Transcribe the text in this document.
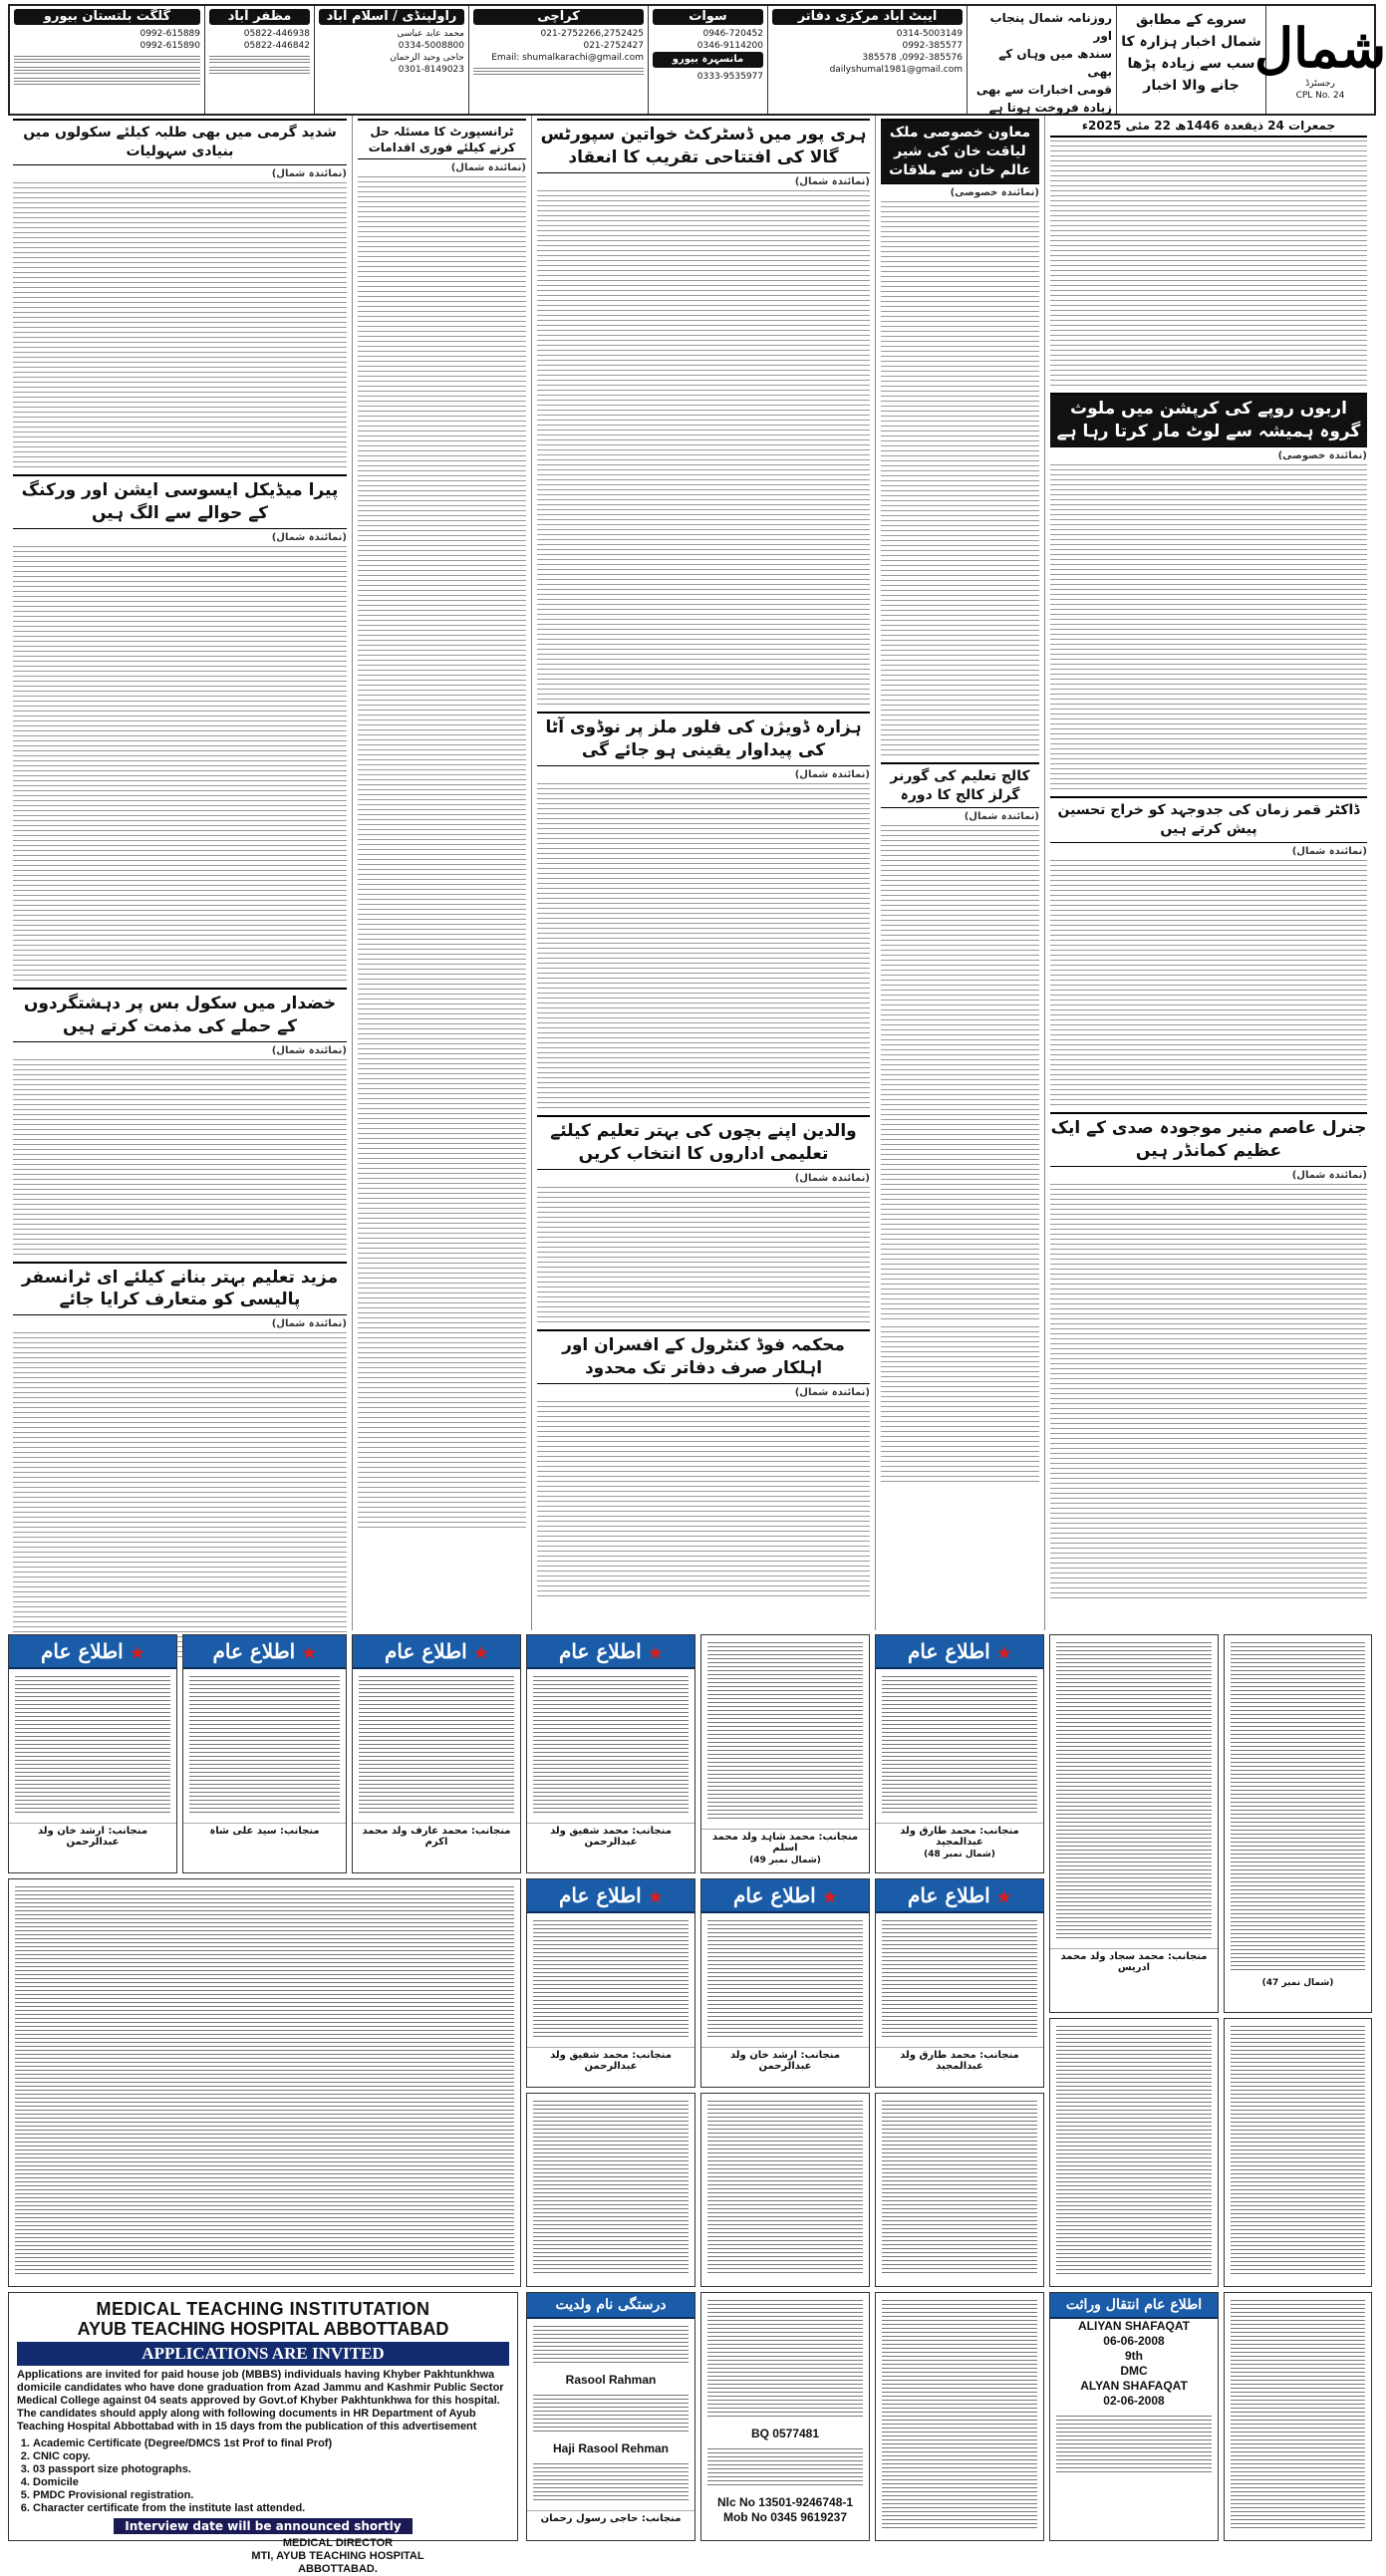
گلگت بلتستان بیورو
0992-615889
0992-615890
مظفر آباد
05822-446938
05822-446842
راولپنڈی / اسلام آباد
محمد عابد عباسی
0334-5008800
حاجی وحید الرحمان
0301-8149023
کراچی
021-2752266,2752425
021-2752427
Email: shumalkarachi@gmail.com
سوات
0946-720452
0346-9114200
مانسہرہ بیورو
0333-9535977
ایبٹ آباد مرکزی دفاتر
0314-5003149
0992-385577
0992-385576, 385578
dailyshumal1981@gmail.com
روزنامہ شمال پنجاب اور
سندھ میں وہاں کے بھی
قومی اخبارات سے بھی
زیادہ فروخت ہوتا ہے
سروے کے مطابق شمال اخبار ہزارہ کا سب سے زیادہ پڑھا جانے والا اخبار
شمال
رجسٹرڈ
CPL No. 24
جمعرات 24 ذیقعدہ 1446ھ 22 مئی 2025ء
اربوں روپے کی کرپشن میں ملوث گروہ ہمیشہ سے لوٹ مار کرتا رہا ہے
(نمائندہ خصوصی)
ڈاکٹر قمر زمان کی جدوجہد کو خراج تحسین پیش کرتے ہیں
(نمائندہ شمال)
جنرل عاصم منیر موجودہ صدی کے ایک عظیم کمانڈر ہیں
(نمائندہ شمال)
معاون خصوصی ملک لیاقت خان کی شیر عالم خان سے ملاقات
(نمائندہ خصوصی)
کالج تعلیم کی گورنر گرلز کالج کا دورہ
(نمائندہ شمال)
ہری پور میں ڈسٹرکٹ خواتین سپورٹس گالا کی افتتاحی تقریب کا انعقاد
(نمائندہ شمال)
ہزارہ ڈویژن کی فلور ملز پر نوڈوی آٹا کی پیداوار یقینی ہو جائے گی
(نمائندہ شمال)
والدین اپنے بچوں کی بہتر تعلیم کیلئے تعلیمی اداروں کا انتخاب کریں
(نمائندہ شمال)
محکمہ فوڈ کنٹرول کے افسران اور اہلکار صرف دفاتر تک محدود
(نمائندہ شمال)
ٹرانسپورٹ کا مسئلہ حل کرنے کیلئے فوری اقدامات
(نمائندہ شمال)
شدید گرمی میں بھی طلبہ کیلئے سکولوں میں بنیادی سہولیات
(نمائندہ شمال)
پیرا میڈیکل ایسوسی ایشن اور ورکنگ کے حوالے سے الگ ہیں
(نمائندہ شمال)
خضدار میں سکول بس پر دہشتگردوں کے حملے کی مذمت کرتے ہیں
(نمائندہ شمال)
مزید تعلیم بہتر بنانے کیلئے ای ٹرانسفر پالیسی کو متعارف کرایا جائے
(نمائندہ شمال)
(شمال نمبر 47)
منجانب: محمد سجاد ولد محمد ادریس
★ اطلاع عام
منجانب: محمد طارق ولد عبدالمجید
(شمال نمبر 48)
منجانب: محمد شاہد ولد محمد اسلم
(شمال نمبر 49)
★ اطلاع عام
منجانب: محمد شفیق ولد عبدالرحمن
★ اطلاع عام
منجانب: محمد عارف ولد محمد اکرم
★ اطلاع عام
منجانب: سید علی شاہ
★ اطلاع عام
منجانب: ارشد خان ولد عبدالرحمن
★ اطلاع عام
منجانب: محمد طارق ولد عبدالمجید
★ اطلاع عام
منجانب: ارشد خان ولد عبدالرحمن
★ اطلاع عام
منجانب: محمد شفیق ولد عبدالرحمن
اطلاع عام انتقال وراثت
ALIYAN SHAFAQAT
06-06-2008
9th
DMC
ALYAN SHAFAQAT
02-06-2008
BQ 0577481
Nlc No 13501-9246748-1
Mob No 0345 9619237
درستگی نام ولدیت
Rasool Rahman
Haji Rasool Rehman
منجانب: حاجی رسول رحمان
MEDICAL TEACHING INSTITUTATION
AYUB TEACHING HOSPITAL ABBOTTABAD
APPLICATIONS ARE INVITED
Applications are invited for paid house job (MBBS) individuals having Khyber Pakhtunkhwa domicile candidates who have done graduation from Azad Jammu and Kashmir Public Sector Medical College against 04 seats approved by Govt.of Khyber Pakhtunkhwa for this hospital. The candidates should apply along with following documents in HR Department of Ayub Teaching Hospital Abbottabad with in 15 days from the publication of this advertisement
1. Academic Certificate (Degree/DMCS 1st Prof to final Prof)
2. CNIC copy.
3. 03 passport size photographs.
4. Domicile
5. PMDC Provisional registration.
6. Character certificate from the institute last attended.
Interview date will be announced shortly
MEDICAL DIRECTOR
MTI, AYUB TEACHING HOSPITAL
ABBOTTABAD.
